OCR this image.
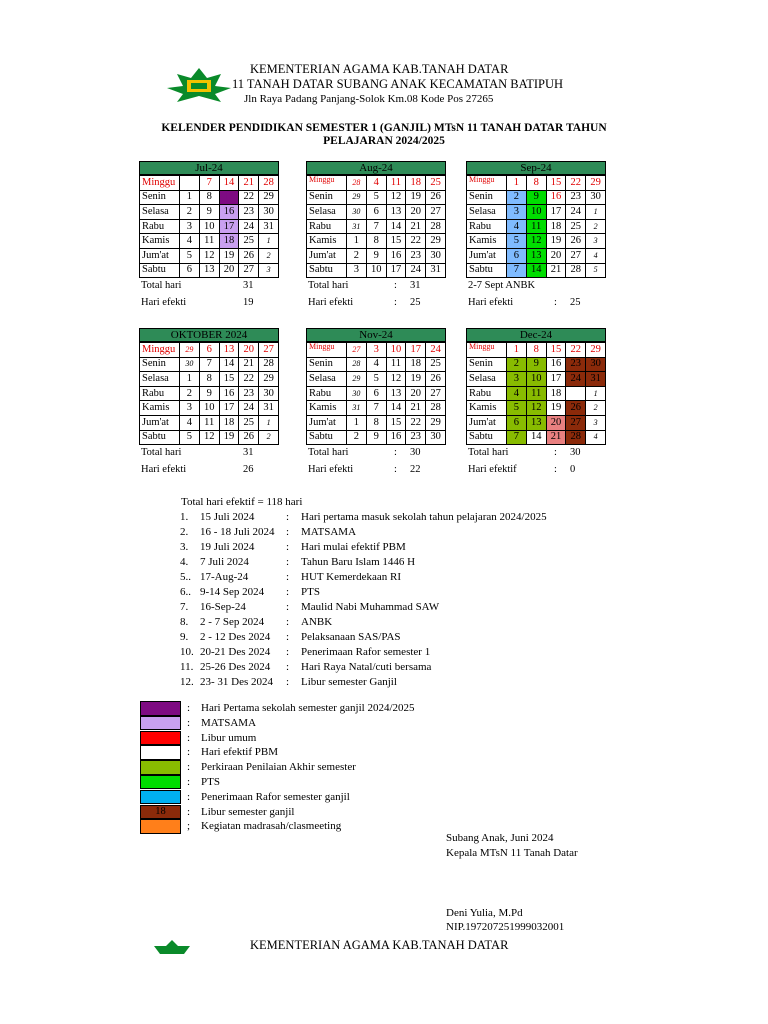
KEMENTERIAN AGAMA KAB.TANAH DATAR
11 TANAH DATAR SUBANG ANAK KECAMATAN BATIPUH
Jln Raya Padang Panjang-Solok Km.08 Kode Pos 27265
KELENDER PENDIDIKAN SEMESTER 1 (GANJIL) MTsN 11 TANAH DATAR TAHUN
PELAJARAN 2024/2025
Jul-24
Minggu		7	14	21	28
Senin	1	8	15	22	29
Selasa	2	9	16	23	30
Rabu	3	10	17	24	31
Kamis	4	11	18	25	1
Jum'at	5	12	19	26	2
Sabtu	6	13	20	27	3
Total hari	31
Hari efekti	19
Aug-24
Minggu	28	4	11	18	25
Senin	29	5	12	19	26
Selasa	30	6	13	20	27
Rabu	31	7	14	21	28
Kamis	1	8	15	22	29
Jum'at	2	9	16	23	30
Sabtu	3	10	17	24	31
Total hari	: 31
Hari efekti	: 25
Sep-24
Minggu	1	8	15	22	29
Senin	2	9	16	23	30
Selasa	3	10	17	24	1
Rabu	4	11	18	25	2
Kamis	5	12	19	26	3
Jum'at	6	13	20	27	4
Sabtu	7	14	21	28	5
2-7 Sept ANBK
Hari efekti	: 25
OKTOBER 2024
Minggu	29	6	13	20	27
Senin	30	7	14	21	28
Selasa	1	8	15	22	29
Rabu	2	9	16	23	30
Kamis	3	10	17	24	31
Jum'at	4	11	18	25	1
Sabtu	5	12	19	26	2
Total hari	31
Hari efekti	26
Nov-24
Minggu	27	3	10	17	24
Senin	28	4	11	18	25
Selasa	29	5	12	19	26
Rabu	30	6	13	20	27
Kamis	31	7	14	21	28
Jum'at	1	8	15	22	29
Sabtu	2	9	16	23	30
Total hari	: 30
Hari efekti	: 22
Dec-24
Minggu	1	8	15	22	29
Senin	2	9	16	23	30
Selasa	3	10	17	24	31
Rabu	4	11	18		1
Kamis	5	12	19	26	2
Jum'at	6	13	20	27	3
Sabtu	7	14	21	28	4
Total hari	: 30
Hari efektif	: 0
Total hari efektif = 118 hari
1. 15 Juli 2024	: Hari pertama masuk sekolah tahun pelajaran 2024/2025
2. 16 - 18 Juli 2024 : MATSAMA
3. 19 Juli 2024	: Hari mulai efektif PBM
4. 7 Juli 2024	: Tahun Baru Islam 1446 H
5.. 17-Aug-24	: HUT Kemerdekaan RI
6.. 9-14 Sep 2024 : PTS
7. 16-Sep-24	: Maulid Nabi Muhammad SAW
8. 2 - 7 Sep 2024 : ANBK
9. 2 - 12 Des 2024 : Pelaksanaan SAS/PAS
10. 20-21 Des 2024 : Penerimaan Rafor semester 1
11. 25-26 Des 2024 : Hari Raya Natal/cuti bersama
12. 23- 31 Des 2024 : Libur semester Ganjil
: Hari Pertama sekolah semester ganjil 2024/2025
: MATSAMA
: Libur umum
: Hari efektif PBM
: Perkiraan Penilaian Akhir semester
: PTS
: Penerimaan Rafor semester ganjil
18	: Libur semester ganjil
; Kegiatan madrasah/clasmeeting
Subang Anak, Juni 2024
Kepala MTsN 11 Tanah Datar
Deni Yulia, M.Pd
NIP.197207251999032001
KEMENTERIAN AGAMA KAB.TANAH DATAR
